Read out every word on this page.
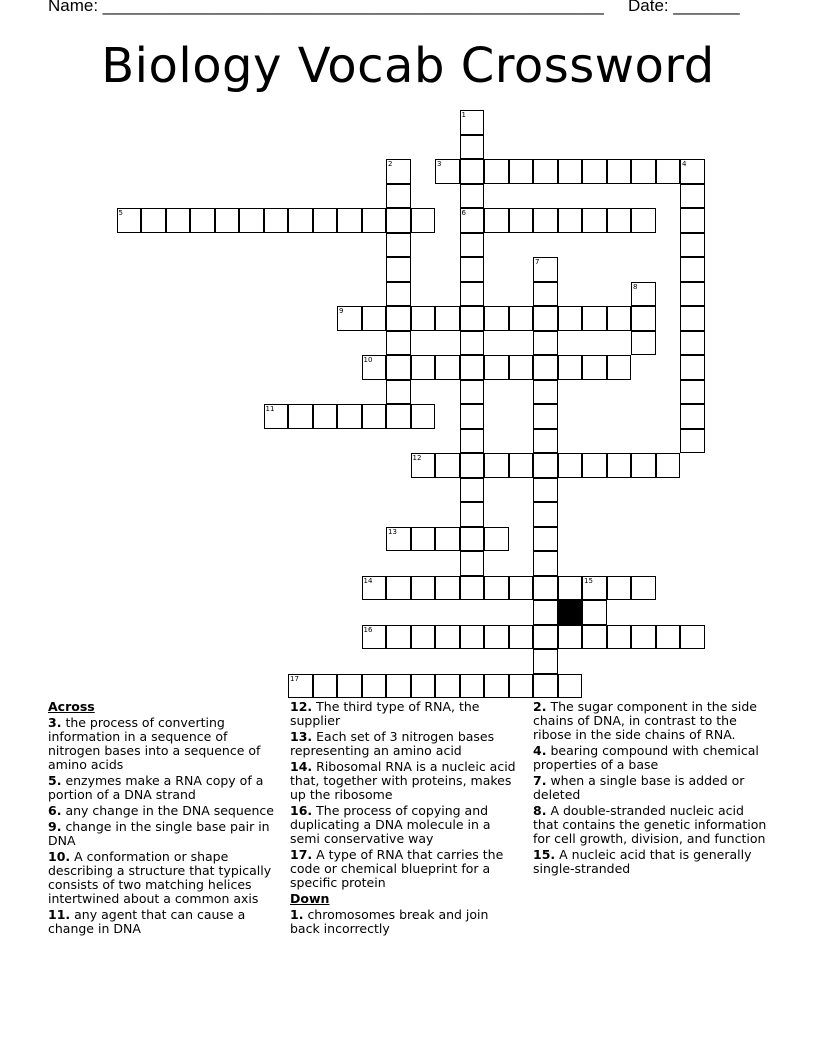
Name: _____________________________________________________ Date: _______
Biology Vocab Crossword
3	4
5	6
9
10
11
12
13
14	15
16
17
1
2
7
8
Across
3. the process of converting information in a sequence of nitrogen bases into a sequence of amino acids
5. enzymes make a RNA copy of a portion of a DNA strand
6. any change in the DNA sequence
9. change in the single base pair in DNA
10. A conformation or shape describing a structure that typically consists of two matching helices intertwined about a common axis
11. any agent that can cause a change in DNA
12. The third type of RNA, the supplier
13. Each set of 3 nitrogen bases representing an amino acid
14. Ribosomal RNA is a nucleic acid that, together with proteins, makes up the ribosome
16. The process of copying and duplicating a DNA molecule in a semi conservative way
17. A type of RNA that carries the code or chemical blueprint for a specific protein
Down
1. chromosomes break and join back incorrectly
2. The sugar component in the side chains of DNA, in contrast to the ribose in the side chains of RNA.
4. bearing compound with chemical properties of a base
7. when a single base is added or deleted
8. A double-stranded nucleic acid that contains the genetic information for cell growth, division, and function
15. A nucleic acid that is generally single-stranded
